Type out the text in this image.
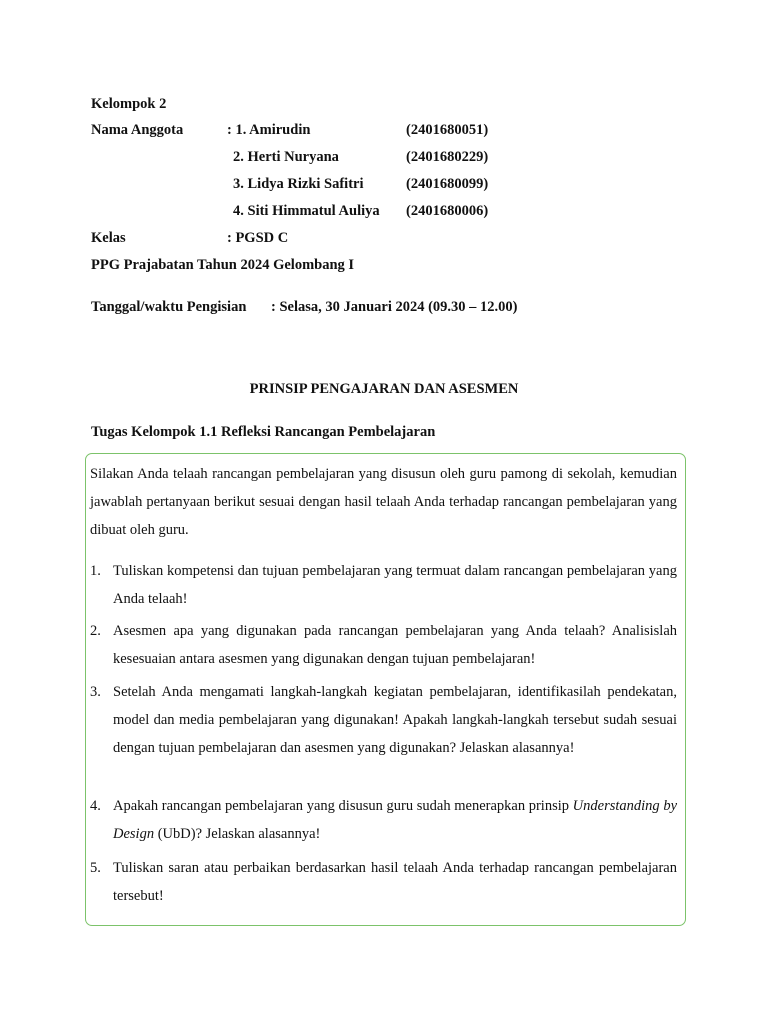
Kelompok 2
Nama Anggota	: 1. Amirudin	(2401680051)
2. Herti Nuryana	(2401680229)
3. Lidya Rizki Safitri	(2401680099)
4. Siti Himmatul Auliya (2401680006)
Kelas	: PGSD C
PPG Prajabatan Tahun 2024 Gelombang I
Tanggal/waktu Pengisian : Selasa, 30 Januari 2024 (09.30 – 12.00)
PRINSIP PENGAJARAN DAN ASESMEN
Tugas Kelompok 1.1 Refleksi Rancangan Pembelajaran
Silakan Anda telaah rancangan pembelajaran yang disusun oleh guru pamong di sekolah, kemudian jawablah pertanyaan berikut sesuai dengan hasil telaah Anda terhadap rancangan pembelajaran yang dibuat oleh guru.
1. Tuliskan kompetensi dan tujuan pembelajaran yang termuat dalam rancangan pembelajaran yang Anda telaah!
2. Asesmen apa yang digunakan pada rancangan pembelajaran yang Anda telaah? Analisislah kesesuaian antara asesmen yang digunakan dengan tujuan pembelajaran!
3. Setelah Anda mengamati langkah-langkah kegiatan pembelajaran, identifikasilah pendekatan, model dan media pembelajaran yang digunakan! Apakah langkah-langkah tersebut sudah sesuai dengan tujuan pembelajaran dan asesmen yang digunakan? Jelaskan alasannya!
4. Apakah rancangan pembelajaran yang disusun guru sudah menerapkan prinsip Understanding by Design (UbD)? Jelaskan alasannya!
5. Tuliskan saran atau perbaikan berdasarkan hasil telaah Anda terhadap rancangan pembelajaran tersebut!
